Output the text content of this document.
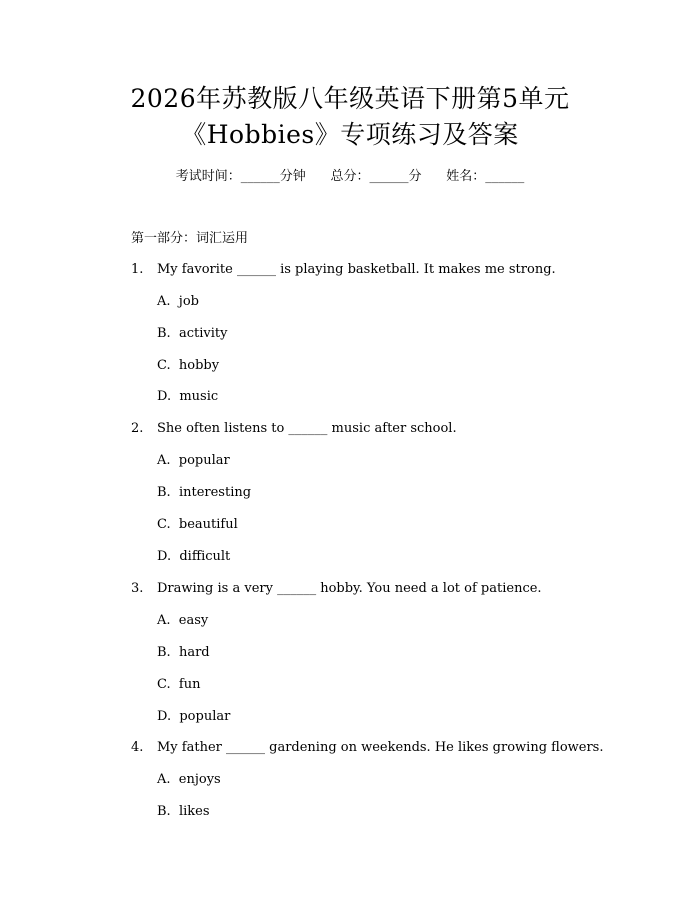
2026年苏教版八年级英语下册第5单元
《Hobbies》专项练习及答案
考试时间：______分钟      总分：______分      姓名：______
第一部分：词汇运用
1. My favorite ______ is playing basketball. It makes me strong.
A.  job
B.  activity
C.  hobby
D.  music
2. She often listens to ______ music after school.
A.  popular
B.  interesting
C.  beautiful
D.  difficult
3. Drawing is a very ______ hobby. You need a lot of patience.
A.  easy
B.  hard
C.  fun
D.  popular
4. My father ______ gardening on weekends. He likes growing flowers.
A.  enjoys
B.  likes
